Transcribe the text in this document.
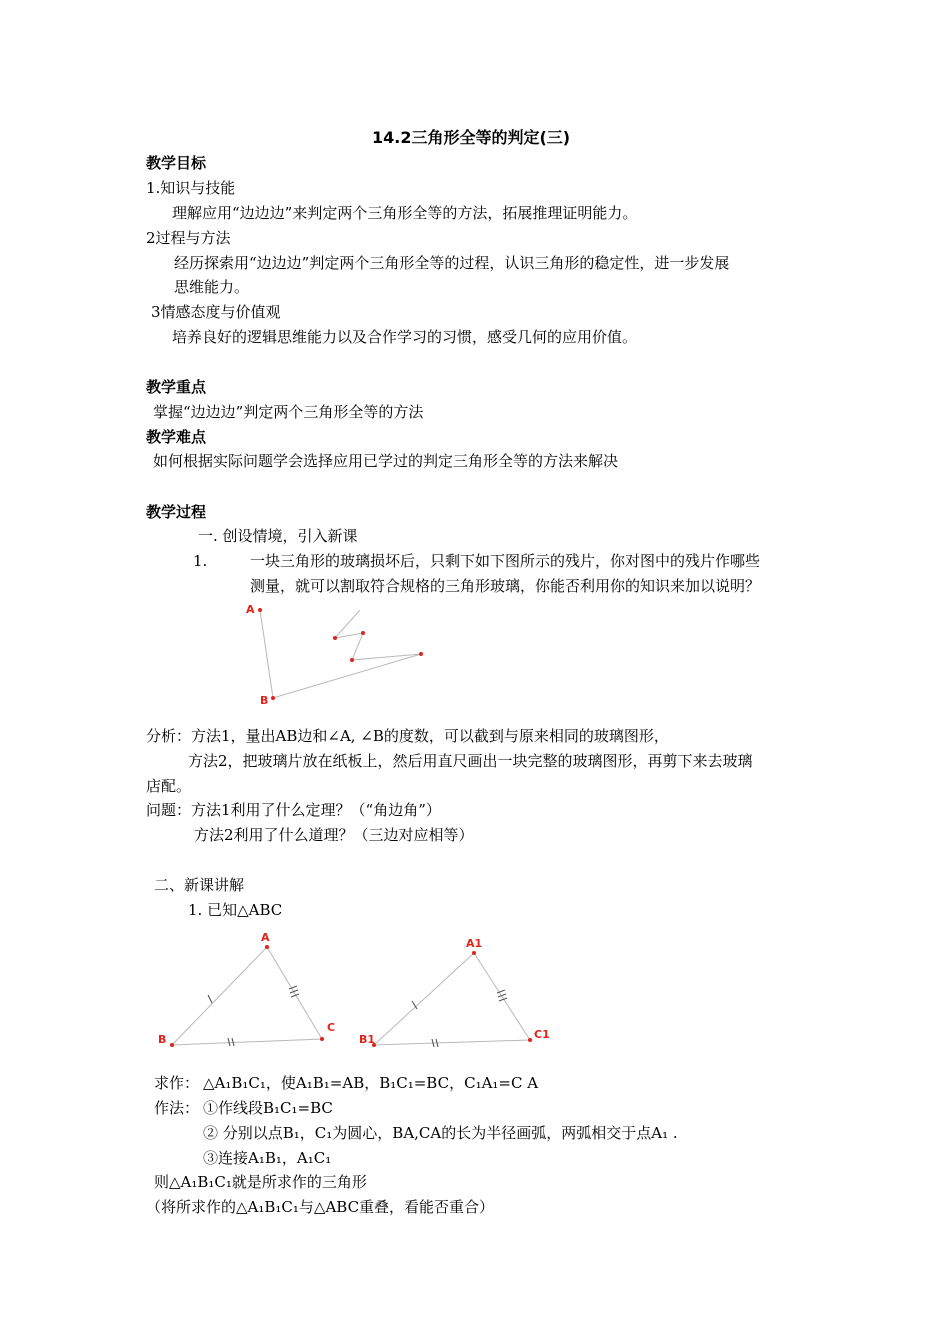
14.2三角形全等的判定(三)
教学目标
1.知识与技能
理解应用“边边边”来判定两个三角形全等的方法，拓展推理证明能力。
2过程与方法
经历探索用“边边边”判定两个三角形全等的过程，认识三角形的稳定性，进一步发展
思维能力。
3情感态度与价值观
培养良好的逻辑思维能力以及合作学习的习惯，感受几何的应用价值。
教学重点
掌握“边边边”判定两个三角形全等的方法
教学难点
如何根据实际问题学会选择应用已学过的判定三角形全等的方法来解决
教学过程
一. 创设情境，引入新课
1.	一块三角形的玻璃损坏后，只剩下如下图所示的残片，你对图中的残片作哪些
测量，就可以割取符合规格的三角形玻璃，你能否利用你的知识来加以说明？
A
B
分析：方法1，量出AB边和∠A, ∠B的度数，可以截到与原来相同的玻璃图形，
方法2，把玻璃片放在纸板上，然后用直尺画出一块完整的玻璃图形，再剪下来去玻璃
店配。
问题：方法1利用了什么定理？（“角边角”）
方法2利用了什么道理？（三边对应相等）
二、新课讲解
1. 已知△ABC
A
B
C
A1
B1	C1
求作： △A₁B₁C₁，使A₁B₁=AB，B₁C₁=BC，C₁A₁=C A
作法： ①作线段B₁C₁=BC
② 分别以点B₁，C₁为圆心，BA,CA的长为半径画弧，两弧相交于点A₁ .
③连接A₁B₁，A₁C₁
则△A₁B₁C₁就是所求作的三角形
（将所求作的△A₁B₁C₁与△ABC重叠，看能否重合）
